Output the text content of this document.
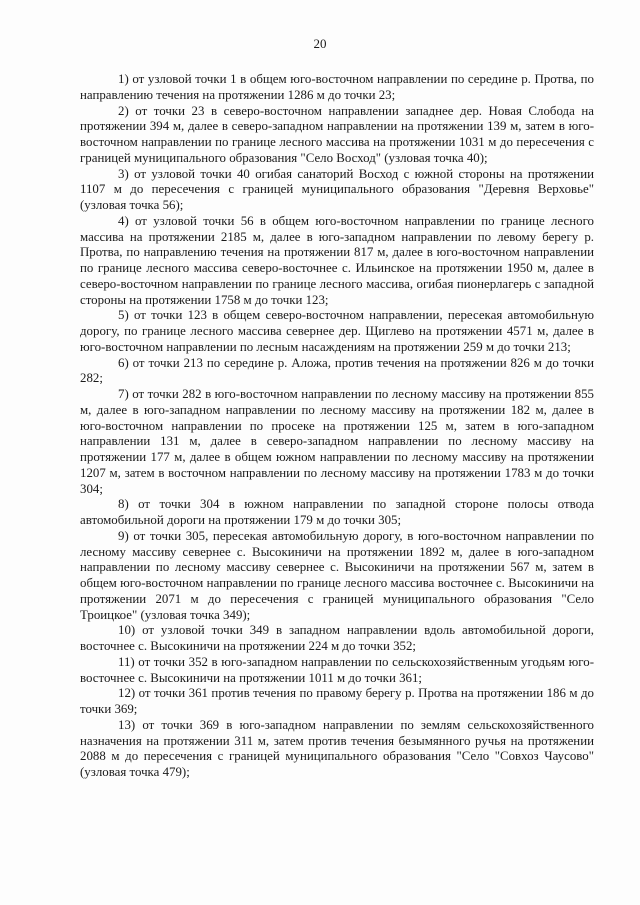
20

1) от узловой точки 1 в общем юго-восточном направлении по середине р. Протва, по направлению течения на протяжении 1286 м до точки 23;

2) от точки 23 в северо-восточном направлении западнее дер. Новая Слобода на протяжении 394 м, далее в северо-западном направлении на протяжении 139 м, затем в юго-восточном направлении по границе лесного массива на протяжении 1031 м до пересечения с границей муниципального образования "Село Восход" (узловая точка 40);

3) от узловой точки 40 огибая санаторий Восход с южной стороны на протяжении 1107 м до пересечения с границей муниципального образования "Деревня Верховье" (узловая точка 56);

4) от узловой точки 56 в общем юго-восточном направлении по границе лесного массива на протяжении 2185 м, далее в юго-западном направлении по левому берегу р. Протва, по направлению течения на протяжении 817 м, далее в юго-восточном направлении по границе лесного массива северо-восточнее с. Ильинское на протяжении 1950 м, далее в северо-восточном направлении по границе лесного массива, огибая пионерлагерь с западной стороны на протяжении 1758 м до точки 123;

5) от точки 123 в общем северо-восточном направлении, пересекая автомобильную дорогу, по границе лесного массива севернее дер. Щиглево на протяжении 4571 м, далее в юго-восточном направлении по лесным насаждениям на протяжении 259 м до точки 213;

6) от точки 213 по середине р. Аложа, против течения на протяжении 826 м до точки 282;

7) от точки 282 в юго-восточном направлении по лесному массиву на протяжении 855 м, далее в юго-западном направлении по лесному массиву на протяжении 182 м, далее в юго-восточном направлении по просеке на протяжении 125 м, затем в юго-западном направлении 131 м, далее в северо-западном направлении по лесному массиву на протяжении 177 м, далее в общем южном направлении по лесному массиву на протяжении 1207 м, затем в восточном направлении по лесному массиву на протяжении 1783 м до точки 304;

8) от точки 304 в южном направлении по западной стороне полосы отвода автомобильной дороги на протяжении 179 м до точки 305;

9) от точки 305, пересекая автомобильную дорогу, в юго-восточном направлении по лесному массиву севернее с. Высокиничи на протяжении 1892 м, далее в юго-западном направлении по лесному массиву севернее с. Высокиничи на протяжении 567 м, затем в общем юго-восточном направлении по границе лесного массива восточнее с. Высокиничи на протяжении 2071 м до пересечения с границей муниципального образования "Село Троицкое" (узловая точка 349);

10) от узловой точки 349 в западном направлении вдоль автомобильной дороги, восточнее с. Высокиничи на протяжении 224 м до точки 352;

11) от точки 352 в юго-западном направлении по сельскохозяйственным угодьям юго-восточнее с. Высокиничи на протяжении 1011 м до точки 361;

12) от точки 361 против течения по правому берегу р. Протва на протяжении 186 м до точки 369;

13) от точки 369 в юго-западном направлении по землям сельскохозяйственного назначения на протяжении 311 м, затем против течения безымянного ручья на протяжении 2088 м до пересечения с границей муниципального образования "Село "Совхоз Чаусово" (узловая точка 479);
